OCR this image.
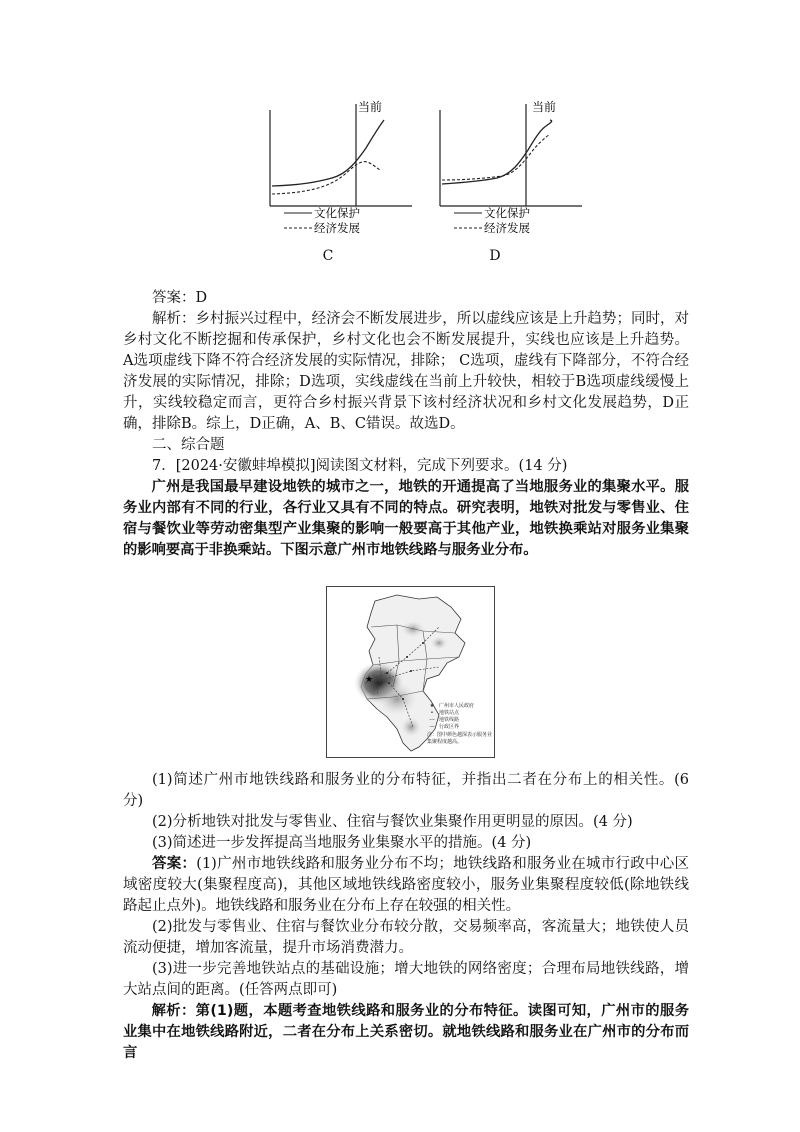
当前
文化保护
经济发展
C
当前
文化保护
经济发展
D

答案：D

解析：乡村振兴过程中，经济会不断发展进步，所以虚线应该是上升趋势；同时，对乡村文化不断挖掘和传承保护，乡村文化也会不断发展提升，实线也应该是上升趋势。 A选项虚线下降不符合经济发展的实际情况，排除； C选项，虚线有下降部分，不符合经济发展的实际情况，排除；D选项，实线虚线在当前上升较快，相较于B选项虚线缓慢上升，实线较稳定而言，更符合乡村振兴背景下该村经济状况和乡村文化发展趋势，D正确，排除B。综上，D正确，A、B、C错误。故选D。

二、综合题

7．[2024·安徽蚌埠模拟]阅读图文材料，完成下列要求。(14 分)

广州是我国最早建设地铁的城市之一，地铁的开通提高了当地服务业的集聚水平。服务业内部有不同的行业，各行业又具有不同的特点。研究表明，地铁对批发与零售业、住宿与餐饮业等劳动密集型产业集聚的影响一般要高于其他产业，地铁换乘站对服务业集聚的影响要高于非换乘站。下图示意广州市地铁线路与服务业分布。

★
★ 广州市人民政府
•	地铁站点
--- 地铁线路
— 行政区界
注：图中颜色越深表示服务业集聚程度越高。

(1)简述广州市地铁线路和服务业的分布特征，并指出二者在分布上的相关性。(6 分)

(2)分析地铁对批发与零售业、住宿与餐饮业集聚作用更明显的原因。(4 分)

(3)简述进一步发挥提高当地服务业集聚水平的措施。(4 分)

答案：(1)广州市地铁线路和服务业分布不均；地铁线路和服务业在城市行政中心区域密度较大(集聚程度高)，其他区域地铁线路密度较小，服务业集聚程度较低(除地铁线路起止点外)。地铁线路和服务业在分布上存在较强的相关性。

(2)批发与零售业、住宿与餐饮业分布较分散，交易频率高，客流量大；地铁使人员流动便捷，增加客流量，提升市场消费潜力。

(3)进一步完善地铁站点的基础设施；增大地铁的网络密度；合理布局地铁线路，增大站点间的距离。(任答两点即可)

解析：第(1)题，本题考查地铁线路和服务业的分布特征。读图可知，广州市的服务业集中在地铁线路附近，二者在分布上关系密切。就地铁线路和服务业在广州市的分布而言
